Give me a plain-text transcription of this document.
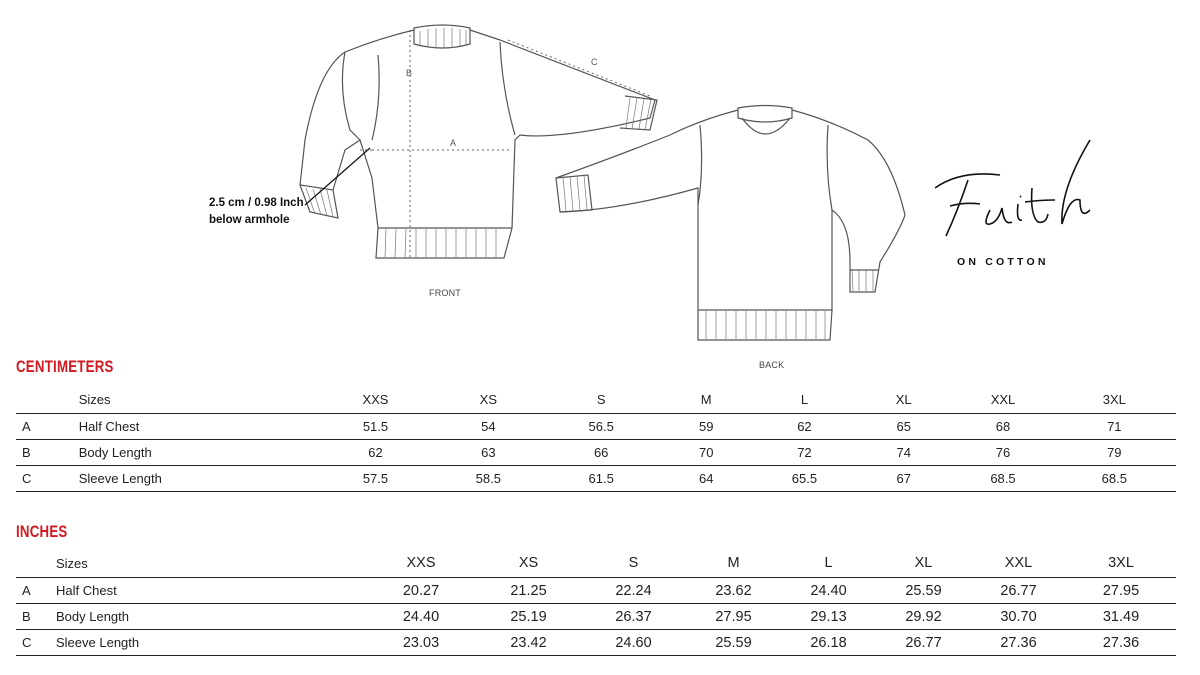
B
A
C
FRONT
2.5 cm / 0.98 Inch
below armhole
BACK
ON COTTON
CENTIMETERS
	Sizes	XXS	XS	S	M	L	XL	XXL	3XL
A	Half Chest	51.5	54	56.5	59	62	65	68	71
B	Body Length	62	63	66	70	72	74	76	79
C	Sleeve Length	57.5	58.5	61.5	64	65.5	67	68.5	68.5
INCHES
	Sizes	XXS	XS	S	M	L	XL	XXL	3XL
A	Half Chest	20.27	21.25	22.24	23.62	24.40	25.59	26.77	27.95
B	Body Length	24.40	25.19	26.37	27.95	29.13	29.92	30.70	31.49
C	Sleeve Length	23.03	23.42	24.60	25.59	26.18	26.77	27.36	27.36
